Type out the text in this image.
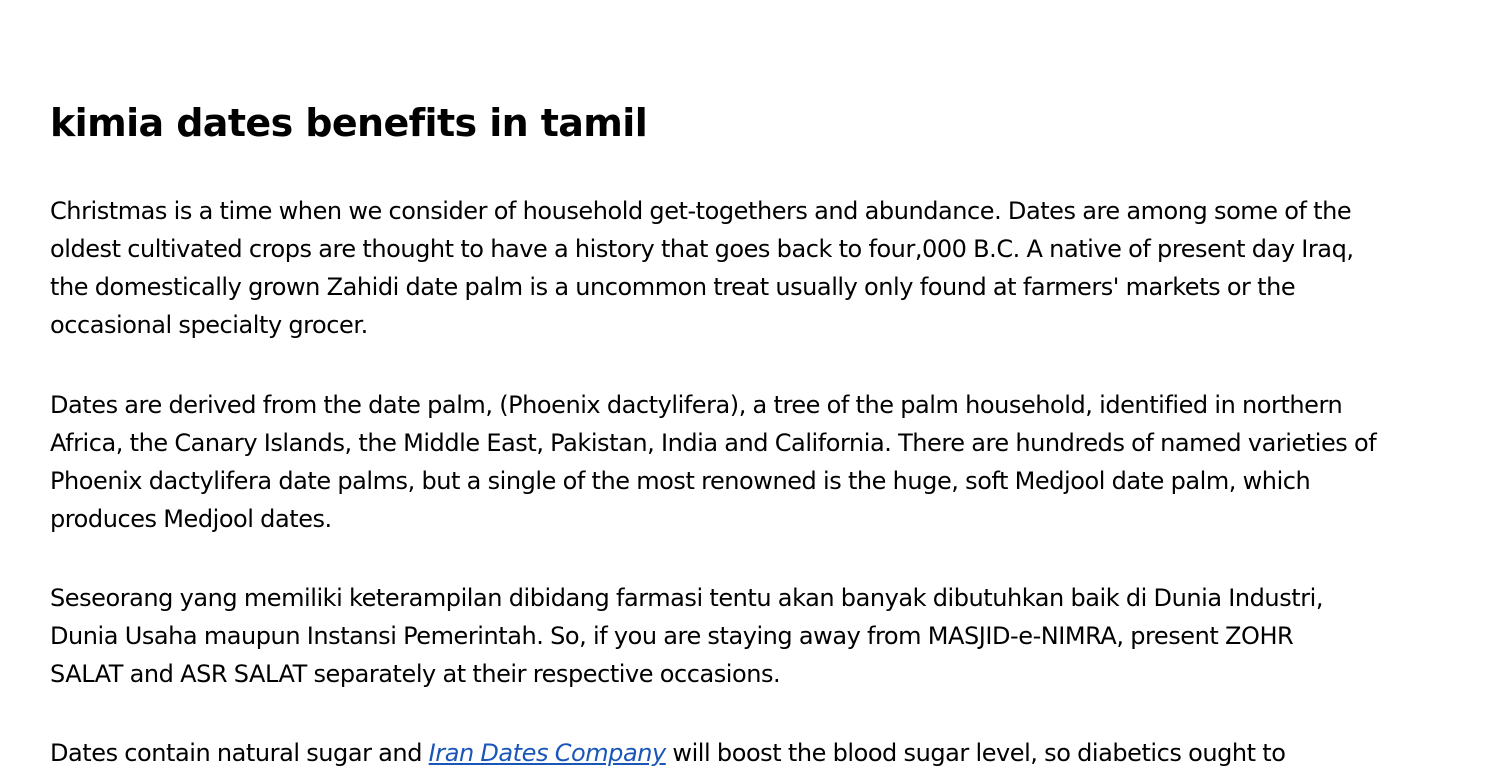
kimia dates benefits in tamil

Christmas is a time when we consider of household get-togethers and abundance. Dates are among some of the
oldest cultivated crops are thought to have a history that goes back to four,000 B.C. A native of present day Iraq,
the domestically grown Zahidi date palm is a uncommon treat usually only found at farmers' markets or the
occasional specialty grocer.

Dates are derived from the date palm, (Phoenix dactylifera), a tree of the palm household, identified in northern
Africa, the Canary Islands, the Middle East, Pakistan, India and California. There are hundreds of named varieties of
Phoenix dactylifera date palms, but a single of the most renowned is the huge, soft Medjool date palm, which
produces Medjool dates.

Seseorang yang memiliki keterampilan dibidang farmasi tentu akan banyak dibutuhkan baik di Dunia Industri,
Dunia Usaha maupun Instansi Pemerintah. So, if you are staying away from MASJID-e-NIMRA, present ZOHR
SALAT and ASR SALAT separately at their respective occasions.

Dates contain natural sugar and Iran Dates Company will boost the blood sugar level, so diabetics ought to
